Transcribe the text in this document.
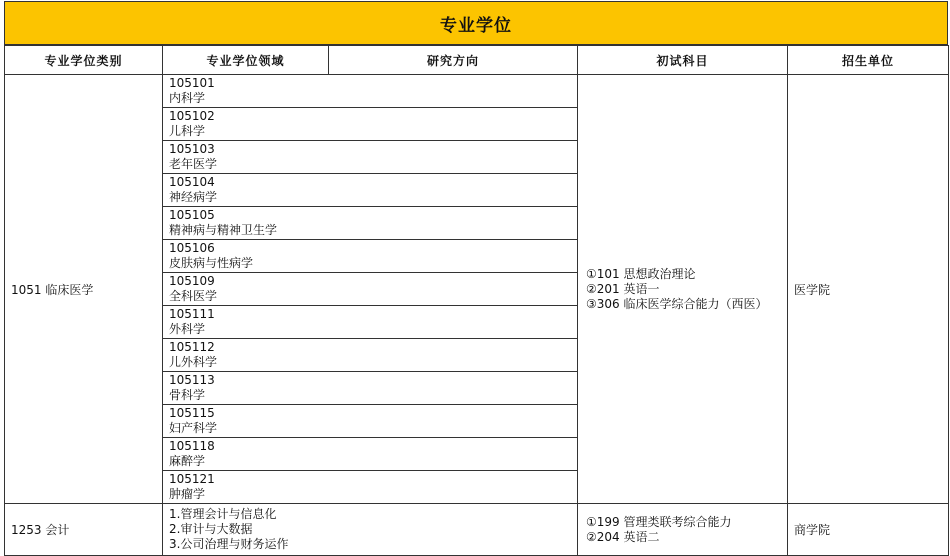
专业学位
专业学位类别	专业学位领域	研究方向	初试科目	招生单位
1051 临床医学	105101
内科学		①101 思想政治理论
②201 英语一
③306 临床医学综合能力（西医）	医学院

	105102
儿科学			

	105103
老年医学			

	105104
神经病学			

	105105
精神病与精神卫生学			

	105106
皮肤病与性病学			

	105109
全科医学			

	105111
外科学			

	105112
儿外科学			

	105113
骨科学			

	105115
妇产科学			

	105118
麻醉学			

	105121
肿瘤学			

1253 会计	1.管理会计与信息化
2.审计与大数据
3.公司治理与财务运作		①199 管理类联考综合能力
②204 英语二	商学院
